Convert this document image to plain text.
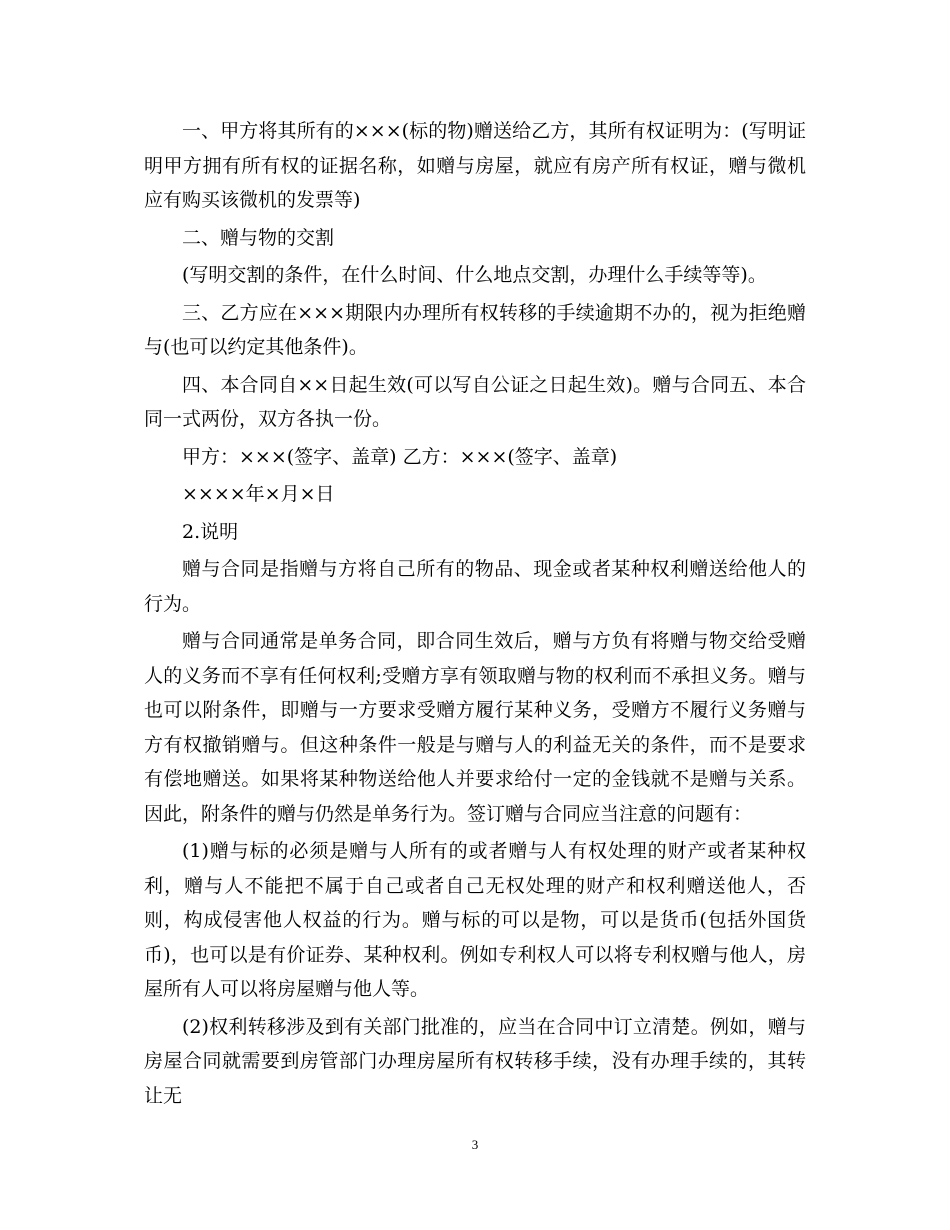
一、甲方将其所有的×××(标的物)赠送给乙方，其所有权证明为：(写明证明甲方拥有所有权的证据名称，如赠与房屋，就应有房产所有权证，赠与微机应有购买该微机的发票等)

二、赠与物的交割

(写明交割的条件，在什么时间、什么地点交割，办理什么手续等等)。

三、乙方应在×××期限内办理所有权转移的手续逾期不办的，视为拒绝赠与(也可以约定其他条件)。

四、本合同自××日起生效(可以写自公证之日起生效)。赠与合同五、本合同一式两份，双方各执一份。

甲方：×××(签字、盖章) 乙方：×××(签字、盖章)

××××年×月×日

2.说明

赠与合同是指赠与方将自己所有的物品、现金或者某种权利赠送给他人的行为。

赠与合同通常是单务合同，即合同生效后，赠与方负有将赠与物交给受赠人的义务而不享有任何权利;受赠方享有领取赠与物的权利而不承担义务。赠与也可以附条件，即赠与一方要求受赠方履行某种义务，受赠方不履行义务赠与方有权撤销赠与。但这种条件一般是与赠与人的利益无关的条件，而不是要求有偿地赠送。如果将某种物送给他人并要求给付一定的金钱就不是赠与关系。因此，附条件的赠与仍然是单务行为。签订赠与合同应当注意的问题有：

(1)赠与标的必须是赠与人所有的或者赠与人有权处理的财产或者某种权利，赠与人不能把不属于自己或者自己无权处理的财产和权利赠送他人，否则，构成侵害他人权益的行为。赠与标的可以是物，可以是货币(包括外国货币)，也可以是有价证券、某种权利。例如专利权人可以将专利权赠与他人，房屋所有人可以将房屋赠与他人等。

(2)权利转移涉及到有关部门批准的，应当在合同中订立清楚。例如，赠与房屋合同就需要到房管部门办理房屋所有权转移手续，没有办理手续的，其转让无

3
